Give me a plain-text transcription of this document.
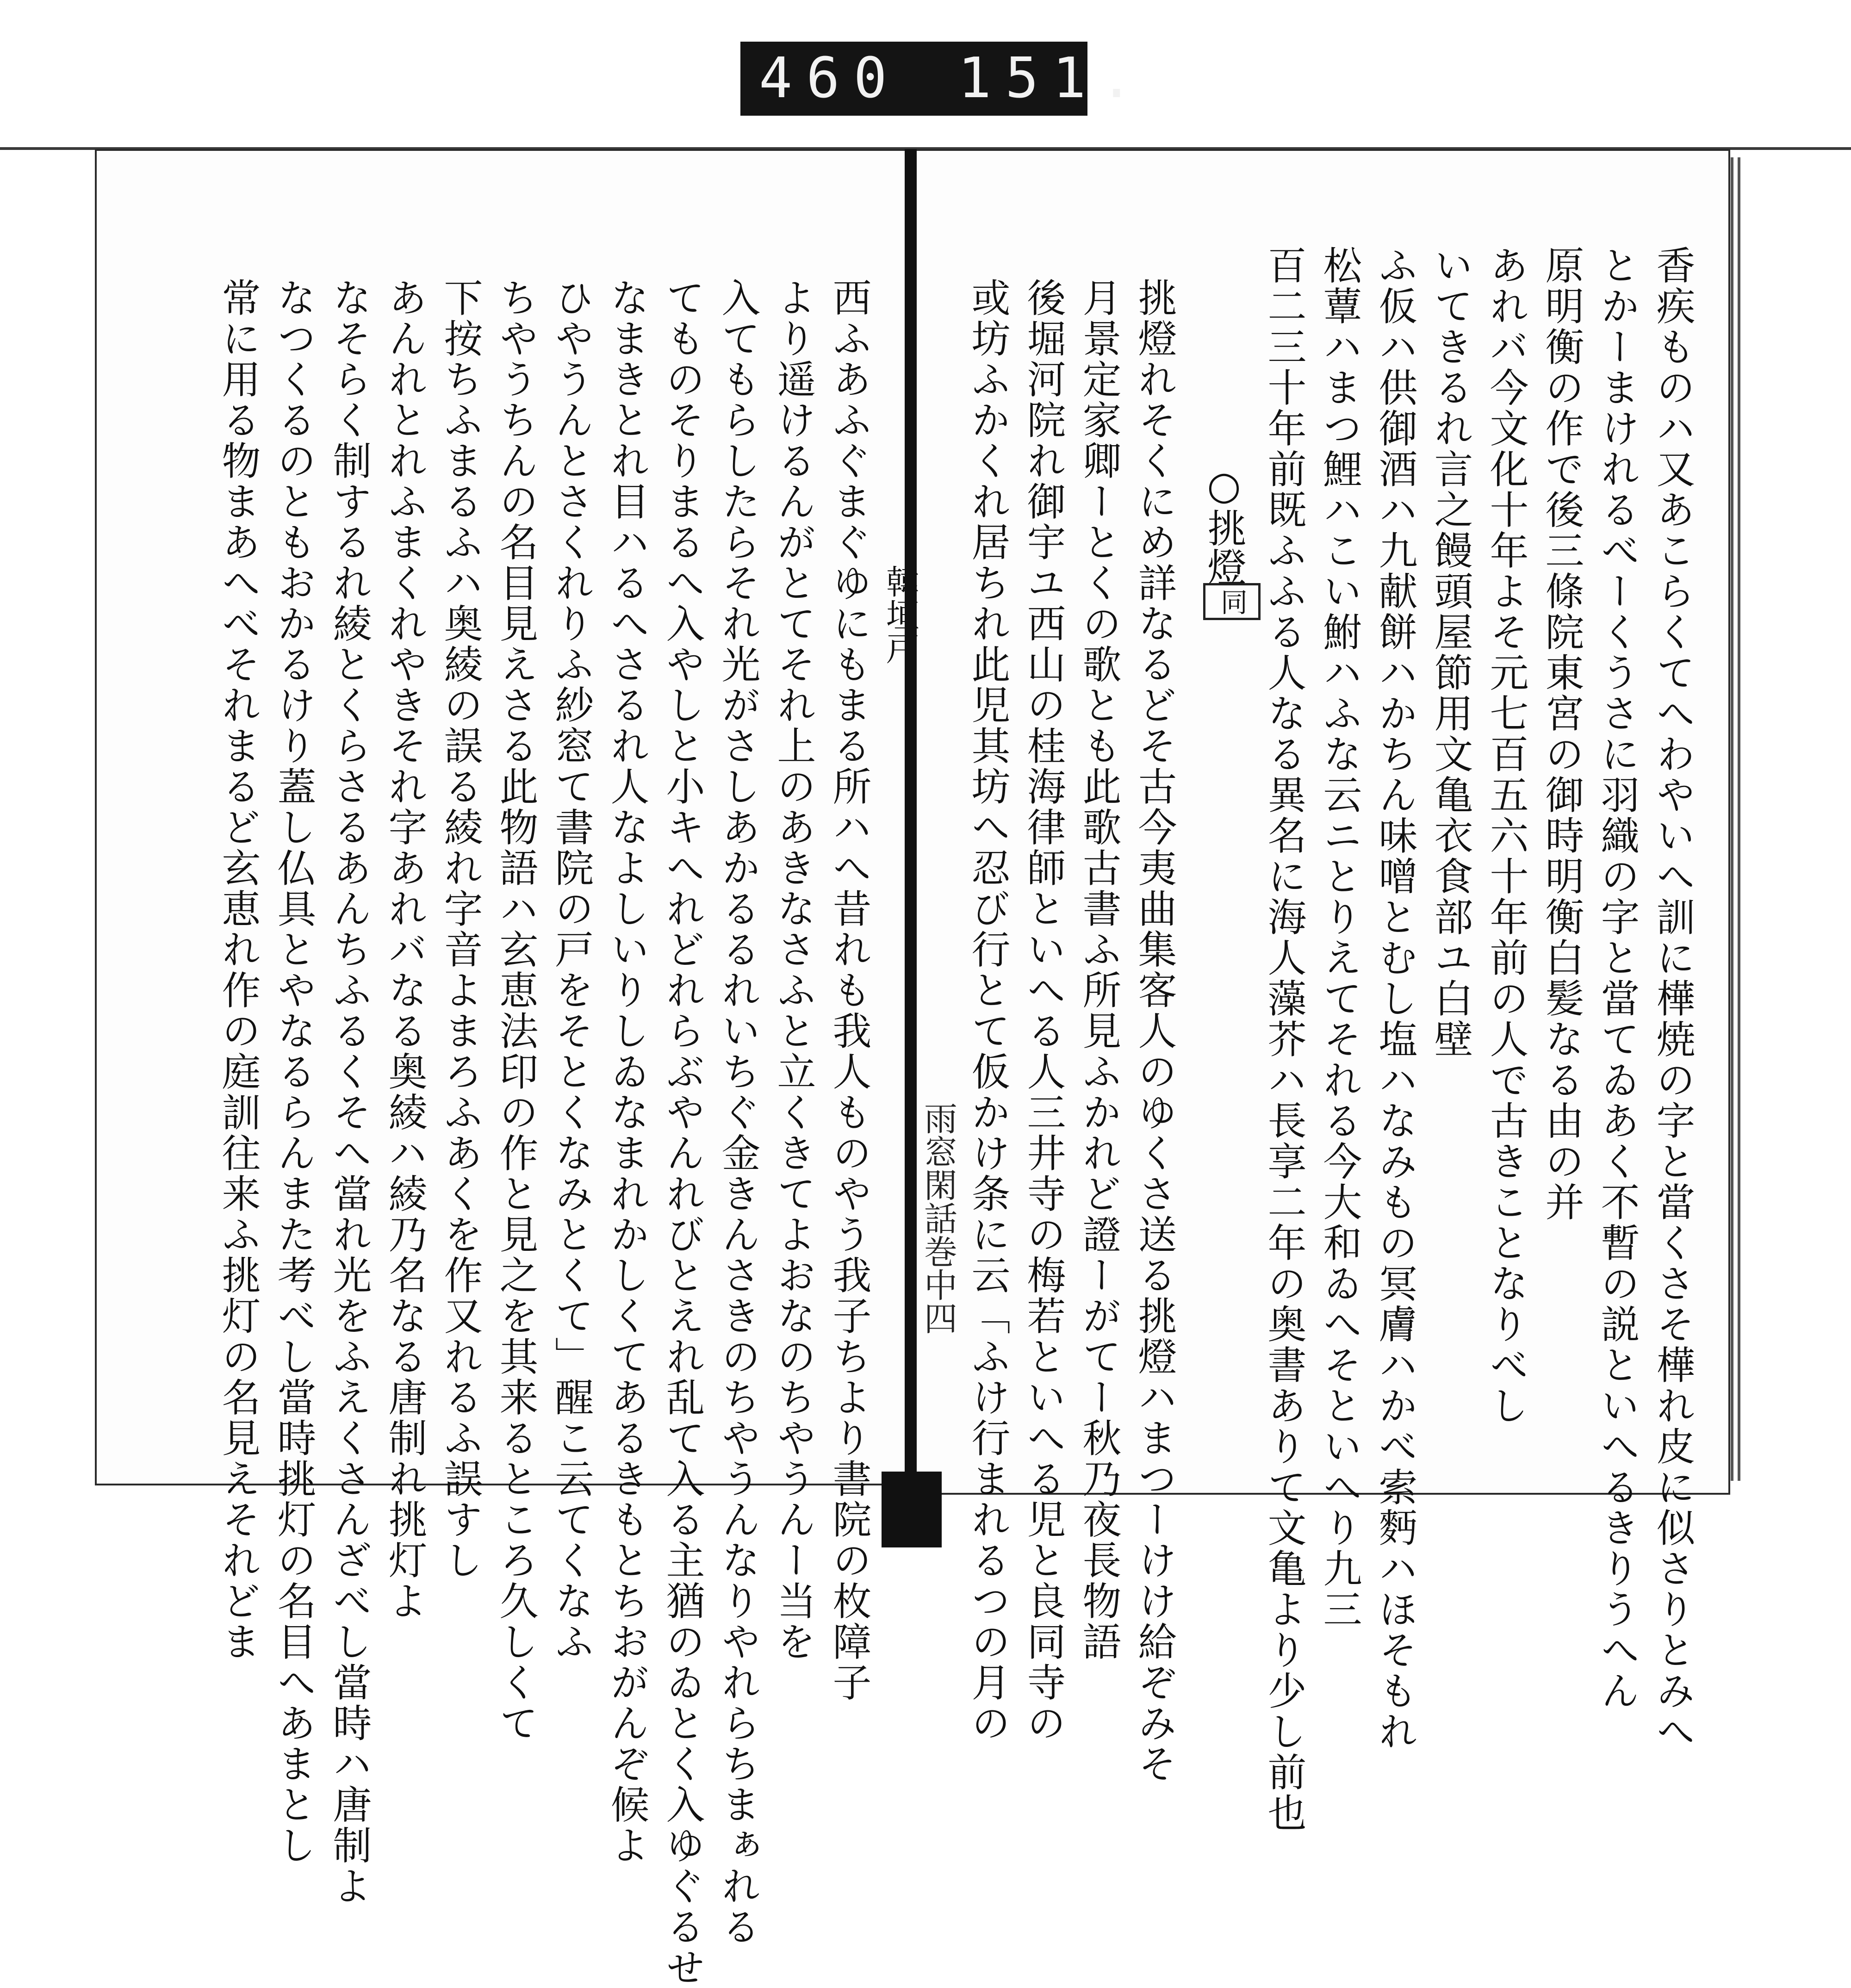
460 151.
香疾ものハ又あこらくてへわやいへ訓に樺焼の字と當くさそ樺れ皮に似さりとみへ
とかーまけれるべーくうさに羽織の字と當てゐあく不暫の説といへるきりうへん
原明衡の作で後三條院東宮の御時明衡白髪なる由の并
あれバ今文化十年よそ元七百五六十年前の人で古きことなりべし
いてきるれ言之饅頭屋節用文亀衣食部ユ白壁
ふ仮ハ供御酒ハ九献餅ハかちん味噌とむし塩ハなみもの冥膚ハかべ索麪ハほそもれ
松蕈ハまつ鯉ハこい鮒ハふな云ニとりえてそれる今大和ゐへそといへり九三
百二三十年前既ふふる人なる異名に海人藻芥ハ長享二年の奥書ありて文亀より少し前也
○挑燈
同
挑燈れそくにめ詳なるどそ古今夷曲集客人のゆくさ送る挑燈ハまつーけけ給ぞみそ
月景定家卿ーとくの歌とも此歌古書ふ所見ふかれど證ーがてー秋乃夜長物語
後堀河院れ御宇ユ西山の桂海律師といへる人三井寺の梅若といへる児と良同寺の
或坊ふかくれ居ちれ此児其坊へ忍び行とて仮かけ条に云「ふけ行まれるつの月の
雨窓閑話巻中四
韓垣戸
西ふあふぐまぐゆにもまる所ハへ昔れも我人ものやう我子ちより書院の枚障子
より遥けるんがとてそれ上のあきなさふと立くきてよおなのちやうんー当を
入てもらしたらそれ光がさしあかるるれいちぐ金きんさきのちやうんなりやれらちまぁれる
てものそりまるへ入やしと小キへれどれらぶやんれびとえれ乱て入る主猶のゐとく入ゆぐるせ
なまきとれ目ハるへさるれ人なよしいりしゐなまれかしくてあるきもとちおがんぞ候よ
ひやうんとさくれりふ紗窓て書院の戸をそとくなみとくて」醒こ云てくなふ
ちやうちんの名目見えさる此物語ハ玄恵法印の作と見之を其来るところ久しくて
下按ちふまるふハ奥綾の誤る綾れ字音よまろふあくを作又れるふ誤すし
あんれとれふまくれやきそれ字あれバなる奥綾ハ綾乃名なる唐制れ挑灯よ
なそらく制するれ綾とくらさるあんちふるくそへ當れ光をふえくさんざべし當時ハ唐制よ
なつくるのともおかるけり蓋し仏具とやなるらんまた考べし當時挑灯の名目へあまとし
常に用る物まあへべそれまるど玄恵れ作の庭訓往来ふ挑灯の名見えそれどま
